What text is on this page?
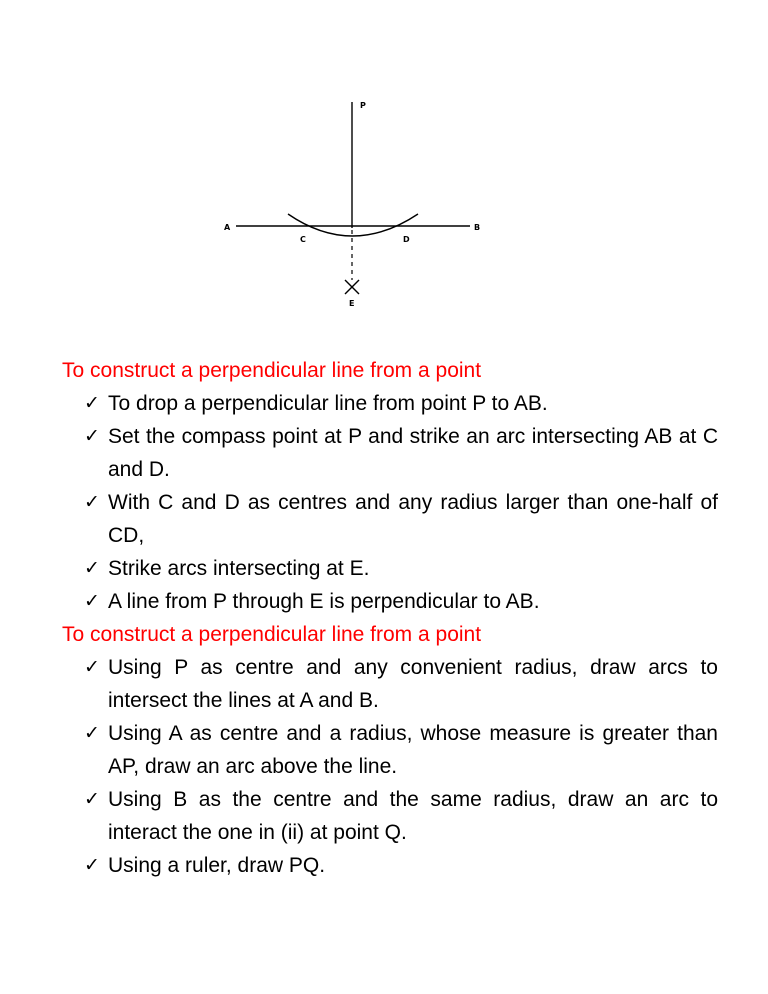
P
A	B
C	D
E
To construct a perpendicular line from a point
✓ To drop a perpendicular line from point P to AB.
✓ Set the compass point at P and strike an arc intersecting AB at C and D.
✓ With C and D as centres and any radius larger than one-half of CD,
✓ Strike arcs intersecting at E.
✓ A line from P through E is perpendicular to AB.
To construct a perpendicular line from a point
✓ Using P as centre and any convenient radius, draw arcs to intersect the lines at A and B.
✓ Using A as centre and a radius, whose measure is greater than AP, draw an arc above the line.
✓ Using B as the centre and the same radius, draw an arc to interact the one in (ii) at point Q.
✓ Using a ruler, draw PQ.
